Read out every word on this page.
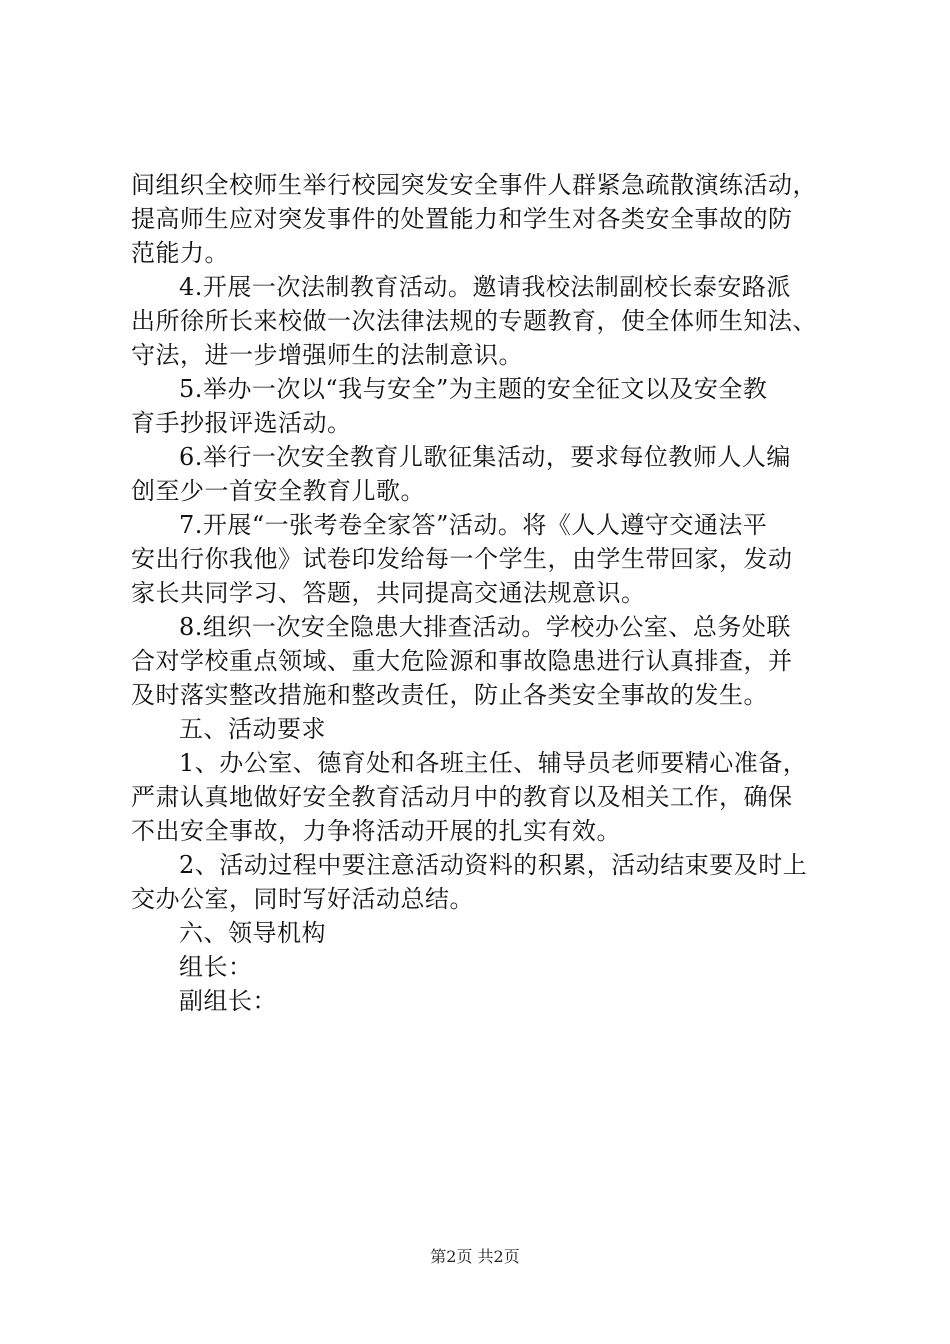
间组织全校师生举行校园突发安全事件人群紧急疏散演练活动，
提高师生应对突发事件的处置能力和学生对各类安全事故的防
范能力。
4.开展一次法制教育活动。邀请我校法制副校长泰安路派
出所徐所长来校做一次法律法规的专题教育，使全体师生知法、
守法，进一步增强师生的法制意识。
5.举办一次以“我与安全”为主题的安全征文以及安全教
育手抄报评选活动。
6.举行一次安全教育儿歌征集活动，要求每位教师人人编
创至少一首安全教育儿歌。
7.开展“一张考卷全家答”活动。将《人人遵守交通法平
安出行你我他》试卷印发给每一个学生，由学生带回家，发动
家长共同学习、答题，共同提高交通法规意识。
8.组织一次安全隐患大排查活动。学校办公室、总务处联
合对学校重点领域、重大危险源和事故隐患进行认真排查，并
及时落实整改措施和整改责任，防止各类安全事故的发生。
五、活动要求
1、办公室、德育处和各班主任、辅导员老师要精心准备，
严肃认真地做好安全教育活动月中的教育以及相关工作，确保
不出安全事故，力争将活动开展的扎实有效。
2、活动过程中要注意活动资料的积累，活动结束要及时上
交办公室，同时写好活动总结。
六、领导机构
组长：
副组长：
第2页 共2页
